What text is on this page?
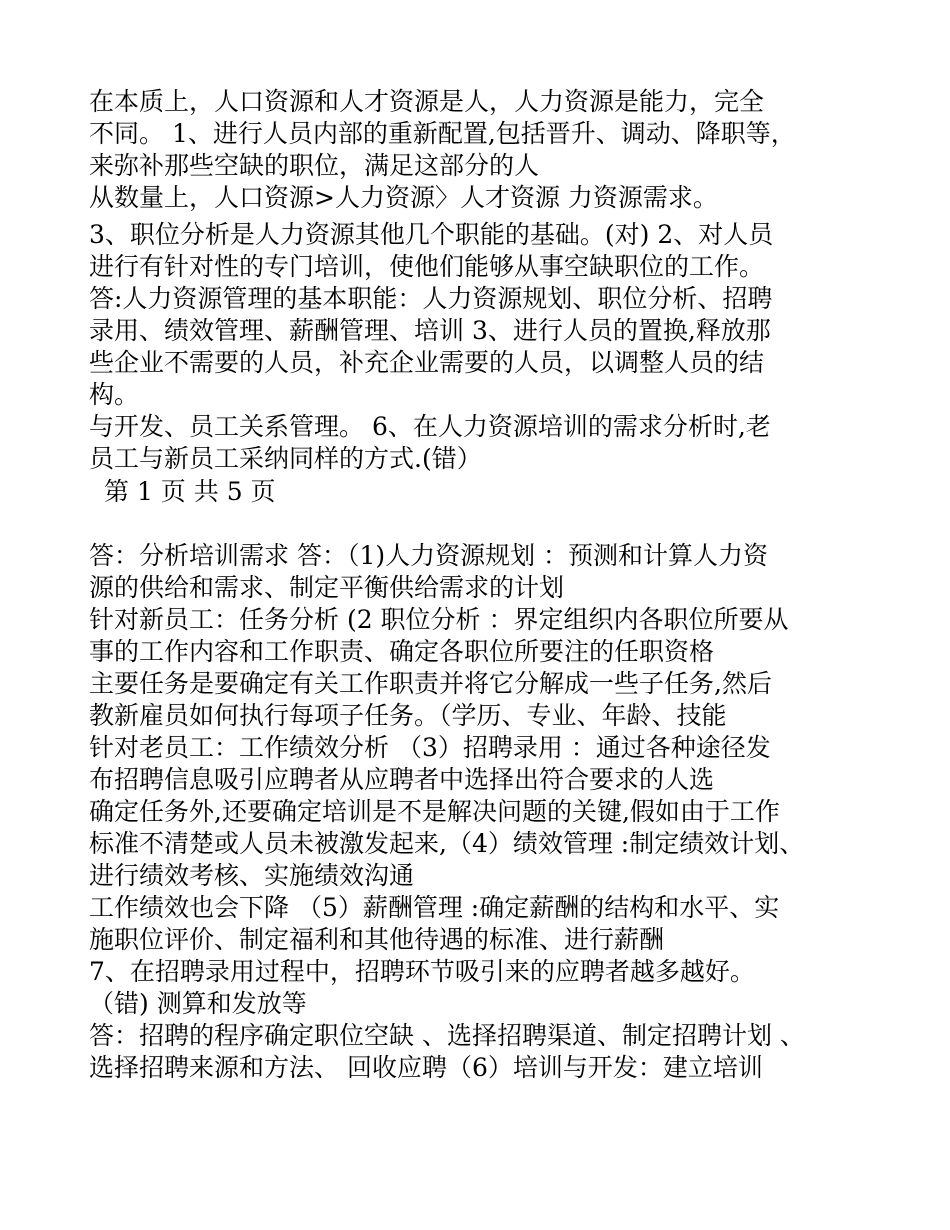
在本质上，人口资源和人才资源是人，人力资源是能力，完全
不同。 1、进行人员内部的重新配置,包括晋升、调动、降职等，
来弥补那些空缺的职位，满足这部分的人
从数量上，人口资源>人力资源〉人才资源 力资源需求。
3、职位分析是人力资源其他几个职能的基础。(对) 2、对人员
进行有针对性的专门培训，使他们能够从事空缺职位的工作。
答:人力资源管理的基本职能：人力资源规划、职位分析、招聘
录用、绩效管理、薪酬管理、培训 3、进行人员的置换,释放那
些企业不需要的人员，补充企业需要的人员，以调整人员的结
构。
与开发、员工关系管理。 6、在人力资源培训的需求分析时,老
员工与新员工采纳同样的方式.(错）
第 1 页 共 5 页
答：分析培训需求 答：（1)人力资源规划 ：预测和计算人力资
源的供给和需求、制定平衡供给需求的计划
针对新员工：任务分析 (2 职位分析 ：界定组织内各职位所要从
事的工作内容和工作职责、确定各职位所要注的任职资格
主要任务是要确定有关工作职责并将它分解成一些子任务,然后
教新雇员如何执行每项子任务。（学历、专业、年龄、技能
针对老员工：工作绩效分析 （3）招聘录用 ：通过各种途径发
布招聘信息吸引应聘者从应聘者中选择出符合要求的人选
确定任务外,还要确定培训是不是解决问题的关键,假如由于工作
标准不清楚或人员未被激发起来,（4）绩效管理 :制定绩效计划、
进行绩效考核、实施绩效沟通
工作绩效也会下降 （5）薪酬管理 :确定薪酬的结构和水平、实
施职位评价、制定福利和其他待遇的标准、进行薪酬
7、在招聘录用过程中，招聘环节吸引来的应聘者越多越好。
（错) 测算和发放等
答：招聘的程序确定职位空缺 、选择招聘渠道、制定招聘计划 、
选择招聘来源和方法、 回收应聘（6）培训与开发：建立培训
